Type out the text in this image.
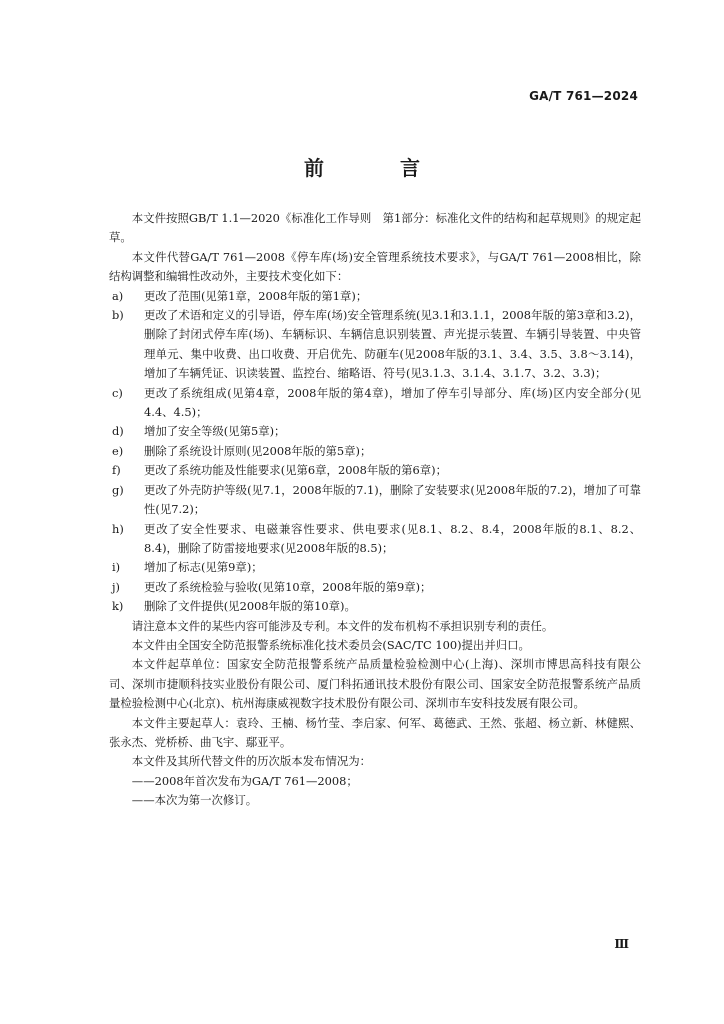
GA/T 761—2024
前　言

本文件按照GB/T 1.1—2020《标准化工作导则　第1部分：标准化文件的结构和起草规则》的规定起草。

本文件代替GA/T 761—2008《停车库(场)安全管理系统技术要求》，与GA/T 761—2008相比，除结构调整和编辑性改动外，主要技术变化如下：

a) 更改了范围(见第1章，2008年版的第1章)；
b) 更改了术语和定义的引导语，停车库(场)安全管理系统(见3.1和3.1.1，2008年版的第3章和3.2)，删除了封闭式停车库(场)、车辆标识、车辆信息识别装置、声光提示装置、车辆引导装置、中央管理单元、集中收费、出口收费、开启优先、防砸车(见2008年版的3.1、3.4、3.5、3.8～3.14)，增加了车辆凭证、识读装置、监控台、缩略语、符号(见3.1.3、3.1.4、3.1.7、3.2、3.3)；
c) 更改了系统组成(见第4章，2008年版的第4章)，增加了停车引导部分、库(场)区内安全部分(见4.4、4.5)；
d) 增加了安全等级(见第5章)；
e) 删除了系统设计原则(见2008年版的第5章)；
f) 更改了系统功能及性能要求(见第6章，2008年版的第6章)；
g) 更改了外壳防护等级(见7.1，2008年版的7.1)，删除了安装要求(见2008年版的7.2)，增加了可靠性(见7.2)；
h) 更改了安全性要求、电磁兼容性要求、供电要求(见8.1、8.2、8.4，2008年版的8.1、8.2、8.4)，删除了防雷接地要求(见2008年版的8.5)；
i) 增加了标志(见第9章)；
j) 更改了系统检验与验收(见第10章，2008年版的第9章)；
k) 删除了文件提供(见2008年版的第10章)。

请注意本文件的某些内容可能涉及专利。本文件的发布机构不承担识别专利的责任。

本文件由全国安全防范报警系统标准化技术委员会(SAC/TC 100)提出并归口。

本文件起草单位：国家安全防范报警系统产品质量检验检测中心(上海)、深圳市博思高科技有限公司、深圳市捷顺科技实业股份有限公司、厦门科拓通讯技术股份有限公司、国家安全防范报警系统产品质量检验检测中心(北京)、杭州海康威视数字技术股份有限公司、深圳市车安科技发展有限公司。

本文件主要起草人：袁玲、王楠、杨竹莹、李启家、何军、葛德武、王然、张超、杨立新、林健熙、张永杰、党桥桥、曲飞宇、鄢亚平。

本文件及其所代替文件的历次版本发布情况为：

——2008年首次发布为GA/T 761—2008；

——本次为第一次修订。

Ⅲ
